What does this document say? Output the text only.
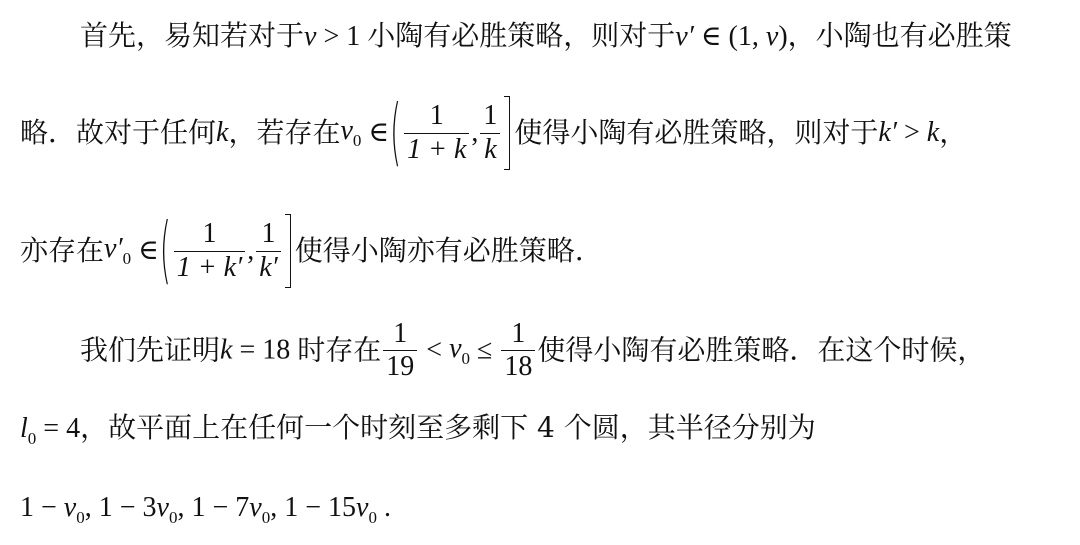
首先，易知若对于v > 1 小陶有必胜策略，则对于v′ ∈ (1, v)，小陶也有必胜策
略．故对于任何k，若存在$v_0$ ∈( $\frac{1}{1 + k}$ , $\frac{1}{k}$ 使得小陶有必胜策略，则对于k′ > k，
亦存在$v'_0$ ∈( $\frac{1}{1 + k'}$ , $\frac{1}{k'}$ 使得小陶亦有必胜策略.
我们先证明k = 18 时存在 $\frac{1}{19} < v_0 \le \frac{1}{18}$ 使得小陶有必胜策略．在这个时候，
$l_0 = 4$，故平面上在任何一个时刻至多剩下 4 个圆，其半径分别为
$1 - v_0$, $1 - 3v_0$, $1 - 7v_0$, $1 - 15v_0$ .
